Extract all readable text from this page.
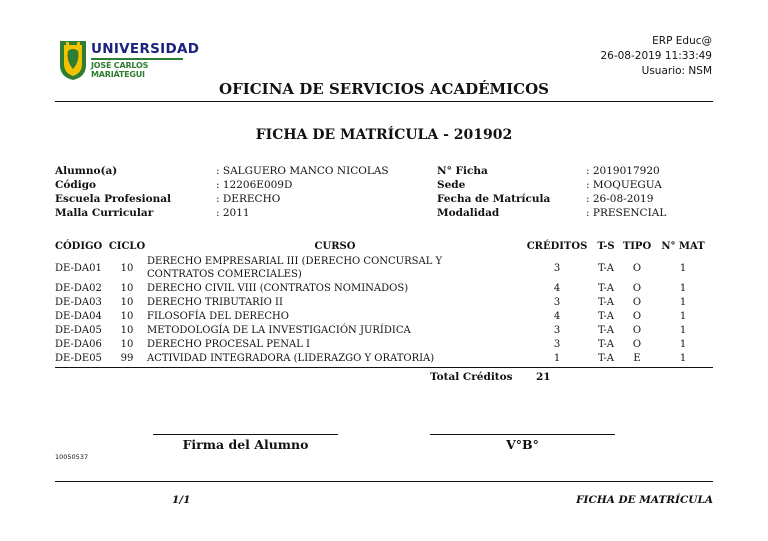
UNIVERSIDAD
JOSÉ CARLOS MARIÁTEGUI
ERP Educ@
26-08-2019 11:33:49
Usuario: NSM
OFICINA DE SERVICIOS ACADÉMICOS
FICHA DE MATRÍCULA - 201902
Alumno(a)	: SALGUERO MANCO NICOLAS
Código	: 12206E009D
Escuela Profesional	: DERECHO
Malla Curricular	: 2011
N° Ficha	: 2019017920
Sede	: MOQUEGUA
Fecha de Matrícula	: 26-08-2019
Modalidad	: PRESENCIAL
CÓDIGO	CICLO	CURSO	CRÉDITOS	T-S	TIPO	N° MAT
DE-DA01	10	DERECHO EMPRESARIAL III (DERECHO CONCURSAL Y CONTRATOS COMERCIALES)	3	T-A	O	1
DE-DA02	10	DERECHO CIVIL VIII (CONTRATOS NOMINADOS)	4	T-A	O	1
DE-DA03	10	DERECHO TRIBUTARIO II	3	T-A	O	1
DE-DA04	10	FILOSOFÍA DEL DERECHO	4	T-A	O	1
DE-DA05	10	METODOLOGÍA DE LA INVESTIGACIÓN JURÍDICA	3	T-A	O	1
DE-DA06	10	DERECHO PROCESAL PENAL I	3	T-A	O	1
DE-DE05	99	ACTIVIDAD INTEGRADORA (LIDERAZGO Y ORATORIA)	1	T-A	E	1
Total Créditos 21
Firma del Alumno	V°B°
10050537
1/1	FICHA DE MATRÍCULA
